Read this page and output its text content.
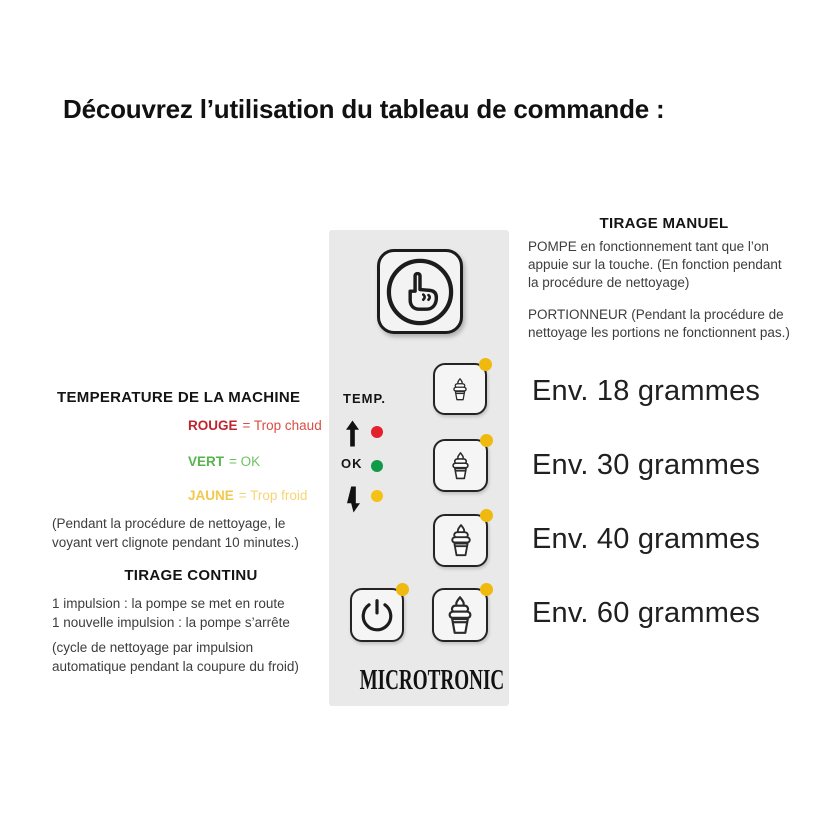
Découvrez l’utilisation du tableau de commande :
TEMP.
OK
MICROTRONIC
TIRAGE MANUEL
POMPE en fonctionnement tant que l’on
appuie sur la touche. (En fonction pendant
la procédure de nettoyage)
PORTIONNEUR (Pendant la procédure de
nettoyage les portions ne fonctionnent pas.)
Env. 18 grammes
Env. 30 grammes
Env. 40 grammes
Env. 60 grammes
TEMPERATURE DE LA MACHINE
ROUGE = Trop chaud
VERT = OK
JAUNE = Trop froid
(Pendant la procédure de nettoyage, le
voyant vert clignote pendant 10 minutes.)
TIRAGE CONTINU
1 impulsion : la pompe se met en route
1 nouvelle impulsion : la pompe s’arrête
(cycle de nettoyage par impulsion
automatique pendant la coupure du froid)
